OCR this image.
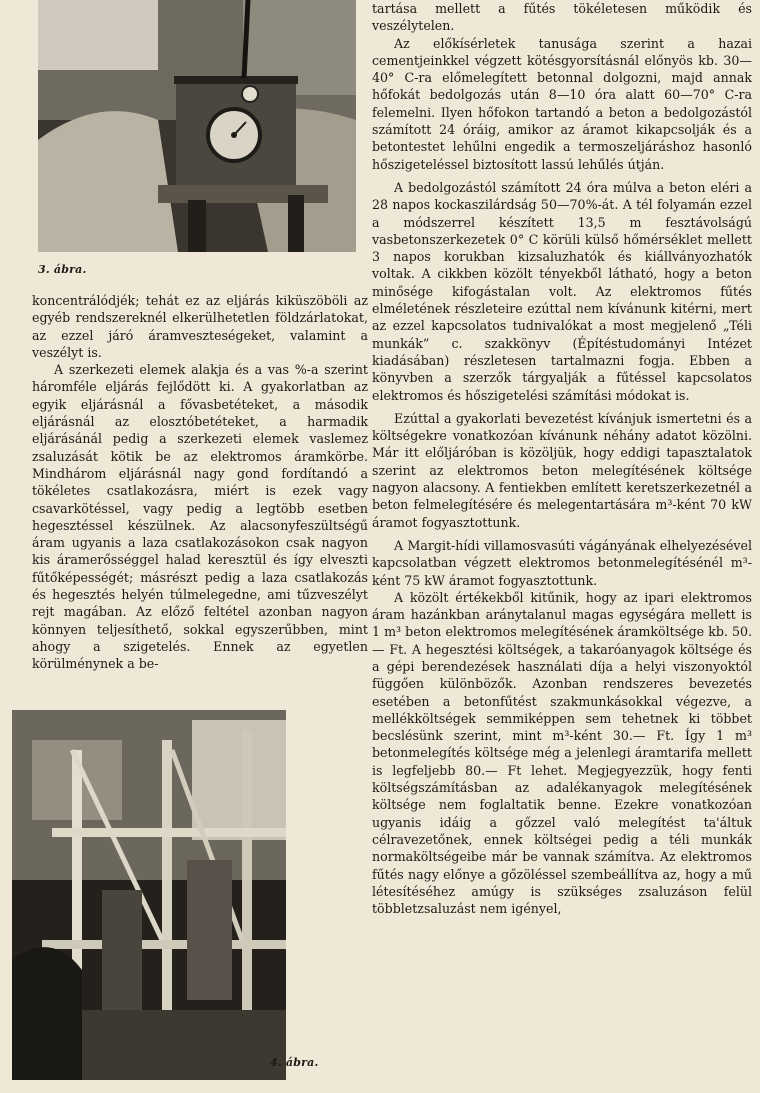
3. ábra.

koncentrálódjék; tehát ez az eljárás kiküszöböli az egyéb rendszereknél elkerülhetetlen földzárlatokat, az ezzel járó áramveszteségeket, valamint a veszélyt is.

A szerkezeti elemek alakja és a vas %-a szerint háromféle eljárás fejlődött ki. A gyakorlatban az egyik eljárásnál a fővasbetéteket, a második eljárásnál az elosztóbetéteket, a harmadik eljárásánál pedig a szerkezeti elemek vaslemez zsaluzását kötik be az elektromos áramkörbe. Mindhárom eljárásnál nagy gond fordítandó a tökéletes csatlakozásra, miért is ezek vagy csavarkötéssel, vagy pedig a legtöbb esetben hegesztéssel készülnek. Az alacsonyfeszültségű áram ugyanis a laza csatlakozásokon csak nagyon kis áramerősséggel halad keresztül és így elveszti fűtőképességét; másrészt pedig a laza csatlakozás és hegesztés helyén túlmelegedne, ami tűzveszélyt rejt magában. Az előző feltétel azonban nagyon könnyen teljesíthető, sokkal egyszerűbben, mint ahogy a szigetelés. Ennek az egyetlen körülménynek a be-

4. ábra.

tartása mellett a fűtés tökéletesen működik és veszélytelen.

Az előkísérletek tanusága szerint a hazai cementjeinkkel végzett kötésgyorsításnál előnyös kb. 30—40° C-ra előmelegített betonnal dolgozni, majd annak hőfokát bedolgozás után 8—10 óra alatt 60—70° C-ra felemelni. Ilyen hőfokon tartandó a beton a bedolgozástól számított 24 óráig, amikor az áramot kikapcsolják és a betontestet lehűlni engedik a termoszeljáráshoz hasonló hőszigeteléssel biztosított lassú lehűlés útján.

A bedolgozástól számított 24 óra múlva a beton eléri a 28 napos kockaszilárdság 50—70%-át. A tél folyamán ezzel a módszerrel készített 13,5 m fesztávolságú vasbetonszerkezetek 0° C körüli külső hőmérséklet mellett 3 napos korukban kizsaluzhatók és kiállványozhatók voltak. A cikkben közölt tényekből látható, hogy a beton minősége kifogástalan volt. Az elektromos fűtés elméletének részleteire ezúttal nem kívánunk kitérni, mert az ezzel kapcsolatos tudnivalókat a most megjelenő „Téli munkák” c. szakkönyv (Építéstudományi Intézet kiadásában) részletesen tartalmazni fogja. Ebben a könyvben a szerzők tárgyalják a fűtéssel kapcsolatos elektromos és hőszigetelési számítási módokat is.

Ezúttal a gyakorlati bevezetést kívánjuk ismertetni és a költségekre vonatkozóan kívánunk néhány adatot közölni. Már itt előljáróban is közöljük, hogy eddigi tapasztalatok szerint az elektromos beton melegítésének költsége nagyon alacsony. A fentiekben említett keretszerkezetnél a beton felmelegítésére és melegentartására m³-ként 70 kW áramot fogyasztottunk.

A Margit-hídi villamosvasúti vágányának elhelyezésével kapcsolatban végzett elektromos betonmelegítésénél m³-ként 75 kW áramot fogyasztottunk.

A közölt értékekből kitűnik, hogy az ipari elektromos áram hazánkban aránytalanul magas egységára mellett is 1 m³ beton elektromos melegítésének áramköltsége kb. 50.— Ft. A hegesztési költségek, a takaróanyagok költsége és a gépi berendezések használati díja a helyi viszonyoktól függően különbözők. Azonban rendszeres bevezetés esetében a betonfűtést szakmunkásokkal végezve, a mellékköltségek semmiképpen sem tehetnek ki többet becslésünk szerint, mint m³-ként 30.— Ft. Így 1 m³ betonmelegítés költsége még a jelenlegi áramtarifa mellett is legfeljebb 80.— Ft lehet. Megjegyezzük, hogy fenti költségszámításban az adalékanyagok melegítésének költsége nem foglaltatik benne. Ezekre vonatkozóan ugyanis idáig a gőzzel való melegítést ta'áltuk célravezetőnek, ennek költségei pedig a téli munkák normaköltségeibe már be vannak számítva. Az elektromos fűtés nagy előnye a gőzöléssel szembeállítva az, hogy a mű létesítéséhez amúgy is szükséges zsaluzáson felül többletzsaluzást nem igényel,
